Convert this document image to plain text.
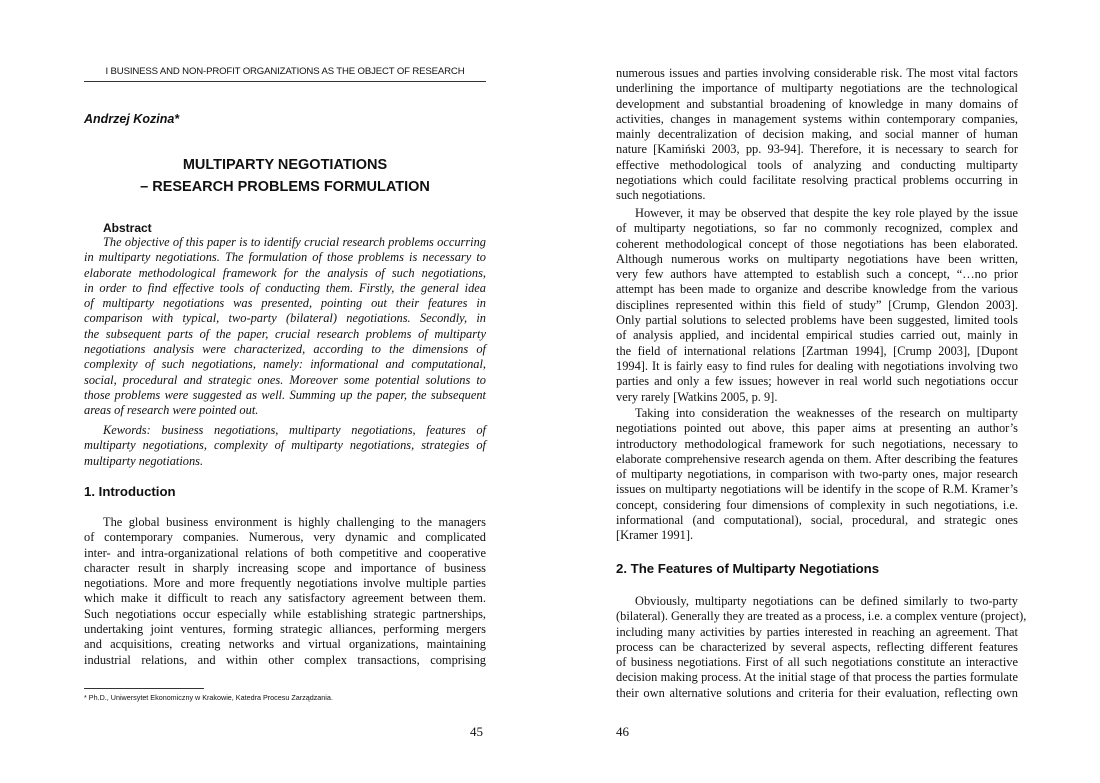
I BUSINESS AND NON-PROFIT ORGANIZATIONS AS THE OBJECT OF RESEARCH
Andrzej Kozina*
MULTIPARTY NEGOTIATIONS
– RESEARCH PROBLEMS FORMULATION
Abstract

The objective of this paper is to identify crucial research problems occurring

in multiparty negotiations. The formulation of those problems is necessary to

elaborate methodological framework for the analysis of such negotiations,

in order to find effective tools of conducting them. Firstly, the general idea

of multiparty negotiations was presented, pointing out their features in

comparison with typical, two-party (bilateral) negotiations. Secondly, in

the subsequent parts of the paper, crucial research problems of multiparty

negotiations analysis were characterized, according to the dimensions of

complexity of such negotiations, namely: informational and computational,

social, procedural and strategic ones. Moreover some potential solutions to

those problems were suggested as well. Summing up the paper, the subsequent

areas of research were pointed out.

Kewords: business negotiations, multiparty negotiations, features of

multiparty negotiations, complexity of multiparty negotiations, strategies of

multiparty negotiations.

1. Introduction

The global business environment is highly challenging to the managers

of contemporary companies. Numerous, very dynamic and complicated

inter- and intra-organizational relations of both competitive and cooperative

character result in sharply increasing scope and importance of business

negotiations. More and more frequently negotiations involve multiple parties

which make it difficult to reach any satisfactory agreement between them.

Such negotiations occur especially while establishing strategic partnerships,

undertaking joint ventures, forming strategic alliances, performing mergers

and acquisitions, creating networks and virtual organizations, maintaining

industrial relations, and within other complex transactions, comprising

* Ph.D., Uniwersytet Ekonomiczny w Krakowie, Katedra Procesu Zarządzania.
45

numerous issues and parties involving considerable risk. The most vital factors

underlining the importance of multiparty negotiations are the technological

development and substantial broadening of knowledge in many domains of

activities, changes in management systems within contemporary companies,

mainly decentralization of decision making, and social manner of human

nature [Kamiński 2003, pp. 93-94]. Therefore, it is necessary to search for

effective methodological tools of analyzing and conducting multiparty

negotiations which could facilitate resolving practical problems occurring in

such negotiations.

However, it may be observed that despite the key role played by the issue

of multiparty negotiations, so far no commonly recognized, complex and

coherent methodological concept of those negotiations has been elaborated.

Although numerous works on multiparty negotiations have been written,

very few authors have attempted to establish such a concept, “…no prior

attempt has been made to organize and describe knowledge from the various

disciplines represented within this field of study” [Crump, Glendon 2003].

Only partial solutions to selected problems have been suggested, limited tools

of analysis applied, and incidental empirical studies carried out, mainly in

the field of international relations [Zartman 1994], [Crump 2003], [Dupont

1994]. It is fairly easy to find rules for dealing with negotiations involving two

parties and only a few issues; however in real world such negotiations occur

very rarely [Watkins 2005, p. 9].

Taking into consideration the weaknesses of the research on multiparty

negotiations pointed out above, this paper aims at presenting an author’s

introductory methodological framework for such negotiations, necessary to

elaborate comprehensive research agenda on them. After describing the features

of multiparty negotiations, in comparison with two-party ones, major research

issues on multiparty negotiations will be identify in the scope of R.M. Kramer’s

concept, considering four dimensions of complexity in such negotiations, i.e.

informational (and computational), social, procedural, and strategic ones

[Kramer 1991].

2. The Features of Multiparty Negotiations

Obviously, multiparty negotiations can be defined similarly to two-party

(bilateral). Generally they are treated as a process, i.e. a complex venture (project),

including many activities by parties interested in reaching an agreement. That

process can be characterized by several aspects, reflecting different features

of business negotiations. First of all such negotiations constitute an interactive

decision making process. At the initial stage of that process the parties formulate

their own alternative solutions and criteria for their evaluation, reflecting own

46
